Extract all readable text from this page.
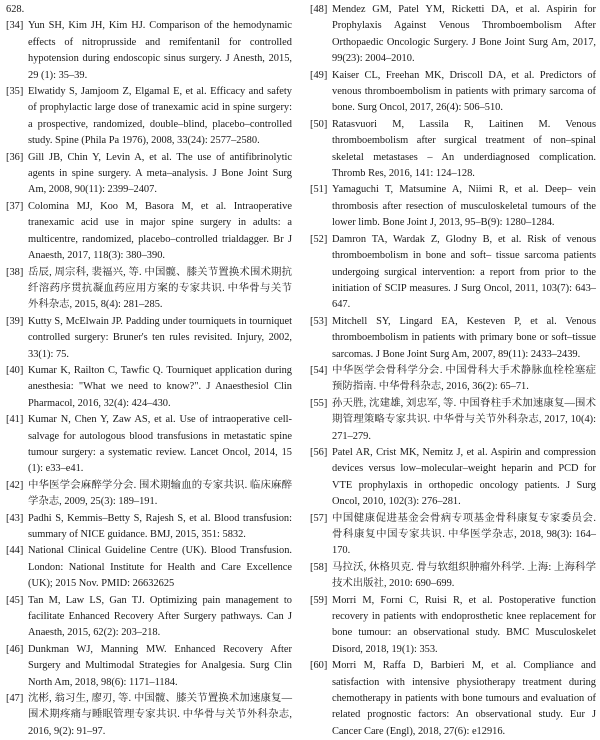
628.

[34] Yun SH, Kim JH, Kim HJ. Comparison of the hemodynamic effects of nitroprusside and remifentanil for controlled hypotension during endoscopic sinus surgery. J Anesth, 2015, 29 (1): 35–39.
[35] Elwatidy S, Jamjoom Z, Elgamal E, et al. Efficacy and safety of prophylactic large dose of tranexamic acid in spine surgery: a prospective, randomized, double–blind, placebo–controlled study. Spine (Phila Pa 1976), 2008, 33(24): 2577–2580.
[36] Gill JB, Chin Y, Levin A, et al. The use of antifibrinolytic agents in spine surgery. A meta–analysis. J Bone Joint Surg Am, 2008, 90(11): 2399–2407.
[37] Colomina MJ, Koo M, Basora M, et al. Intraoperative tranexamic acid use in major spine surgery in adults: a multicentre, randomized, placebo–controlled trialdagger. Br J Anaesth, 2017, 118(3): 380–390.
[38] 岳辰, 周宗科, 裴福兴, 等. 中国髋、膝关节置换术围术期抗纤溶药序贯抗凝血药应用方案的专家共识. 中华骨与关节外科杂志, 2015, 8(4): 281–285.
[39] Kutty S, McElwain JP. Padding under tourniquets in tourniquet controlled surgery: Bruner's ten rules revisited. Injury, 2002, 33(1): 75.
[40] Kumar K, Railton C, Tawfic Q. Tourniquet application during anesthesia: "What we need to know?". J Anaesthesiol Clin Pharmacol, 2016, 32(4): 424–430.
[41] Kumar N, Chen Y, Zaw AS, et al. Use of intraoperative cell-salvage for autologous blood transfusions in metastatic spine tumour surgery: a systematic review. Lancet Oncol, 2014, 15 (1): e33–e41.
[42] 中华医学会麻醉学分会. 围术期输血的专家共识. 临床麻醉学杂志, 2009, 25(3): 189–191.
[43] Padhi S, Kemmis–Betty S, Rajesh S, et al. Blood transfusion: summary of NICE guidance. BMJ, 2015, 351: 5832.
[44] National Clinical Guideline Centre (UK). Blood Transfusion. London: National Institute for Health and Care Excellence (UK); 2015 Nov. PMID: 26632625
[45] Tan M, Law LS, Gan TJ. Optimizing pain management to facilitate Enhanced Recovery After Surgery pathways. Can J Anaesth, 2015, 62(2): 203–218.
[46] Dunkman WJ, Manning MW. Enhanced Recovery After Surgery and Multimodal Strategies for Analgesia. Surg Clin North Am, 2018, 98(6): 1171–1184.
[47] 沈彬, 翁习生, 廖刃, 等. 中国髋、膝关节置换术加速康复—围术期疼痛与睡眠管理专家共识. 中华骨与关节外科杂志, 2016, 9(2): 91–97.
[48] Mendez GM, Patel YM, Ricketti DA, et al. Aspirin for Prophylaxis Against Venous Thromboembolism After Orthopaedic Oncologic Surgery. J Bone Joint Surg Am, 2017, 99(23): 2004–2010.
[49] Kaiser CL, Freehan MK, Driscoll DA, et al. Predictors of venous thromboembolism in patients with primary sarcoma of bone. Surg Oncol, 2017, 26(4): 506–510.
[50] Ratasvuori M, Lassila R, Laitinen M. Venous thromboembolism after surgical treatment of non–spinal skeletal metastases – An underdiagnosed complication. Thromb Res, 2016, 141: 124–128.
[51] Yamaguchi T, Matsumine A, Niimi R, et al. Deep– vein thrombosis after resection of musculoskeletal tumours of the lower limb. Bone Joint J, 2013, 95–B(9): 1280–1284.
[52] Damron TA, Wardak Z, Glodny B, et al. Risk of venous thromboembolism in bone and soft– tissue sarcoma patients undergoing surgical intervention: a report from prior to the initiation of SCIP measures. J Surg Oncol, 2011, 103(7): 643–647.
[53] Mitchell SY, Lingard EA, Kesteven P, et al. Venous thromboembolism in patients with primary bone or soft–tissue sarcomas. J Bone Joint Surg Am, 2007, 89(11): 2433–2439.
[54] 中华医学会骨科学分会. 中国骨科大手术静脉血栓栓塞症预防指南. 中华骨科杂志, 2016, 36(2): 65–71.
[55] 孙天胜, 沈建雄, 刘忠军, 等. 中国脊柱手术加速康复—围术期管理策略专家共识. 中华骨与关节外科杂志, 2017, 10(4): 271–279.
[56] Patel AR, Crist MK, Nemitz J, et al. Aspirin and compression devices versus low–molecular–weight heparin and PCD for VTE prophylaxis in orthopedic oncology patients. J Surg Oncol, 2010, 102(3): 276–281.
[57] 中国健康促进基金会骨病专项基金骨科康复专家委员会. 骨科康复中国专家共识. 中华医学杂志, 2018, 98(3): 164–170.
[58] 马拉沃, 休格贝克. 骨与软组织肿瘤外科学. 上海: 上海科学技术出版社, 2010: 690–699.
[59] Morri M, Forni C, Ruisi R, et al. Postoperative function recovery in patients with endoprosthetic knee replacement for bone tumour: an observational study. BMC Musculoskelet Disord, 2018, 19(1): 353.
[60] Morri M, Raffa D, Barbieri M, et al. Compliance and satisfaction with intensive physiotherapy treatment during chemotherapy in patients with bone tumours and evaluation of related prognostic factors: An observational study. Eur J Cancer Care (Engl), 2018, 27(6): e12916.
